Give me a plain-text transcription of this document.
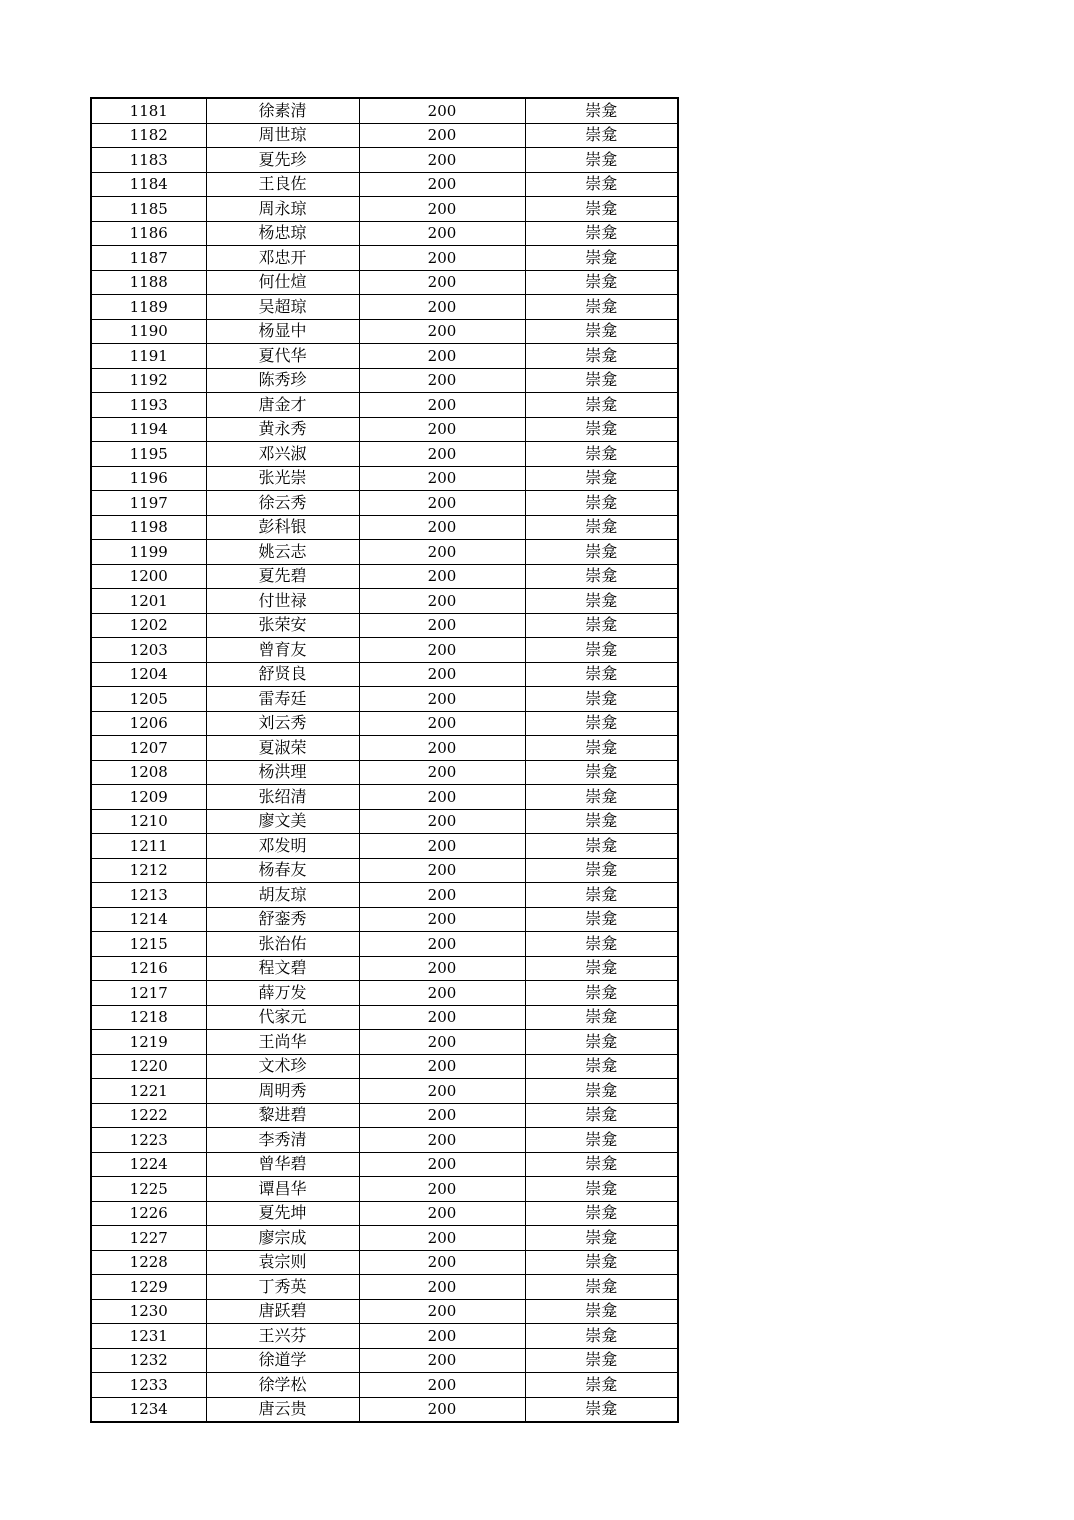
1181	徐素清	200	崇龛
1182	周世琼	200	崇龛
1183	夏先珍	200	崇龛
1184	王良佐	200	崇龛
1185	周永琼	200	崇龛
1186	杨忠琼	200	崇龛
1187	邓忠开	200	崇龛
1188	何仕煊	200	崇龛
1189	吴超琼	200	崇龛
1190	杨显中	200	崇龛
1191	夏代华	200	崇龛
1192	陈秀珍	200	崇龛
1193	唐金才	200	崇龛
1194	黄永秀	200	崇龛
1195	邓兴淑	200	崇龛
1196	张光崇	200	崇龛
1197	徐云秀	200	崇龛
1198	彭科银	200	崇龛
1199	姚云志	200	崇龛
1200	夏先碧	200	崇龛
1201	付世禄	200	崇龛
1202	张荣安	200	崇龛
1203	曾育友	200	崇龛
1204	舒贤良	200	崇龛
1205	雷寿廷	200	崇龛
1206	刘云秀	200	崇龛
1207	夏淑荣	200	崇龛
1208	杨洪理	200	崇龛
1209	张绍清	200	崇龛
1210	廖文美	200	崇龛
1211	邓发明	200	崇龛
1212	杨春友	200	崇龛
1213	胡友琼	200	崇龛
1214	舒銮秀	200	崇龛
1215	张治佑	200	崇龛
1216	程文碧	200	崇龛
1217	薛万发	200	崇龛
1218	代家元	200	崇龛
1219	王尚华	200	崇龛
1220	文术珍	200	崇龛
1221	周明秀	200	崇龛
1222	黎进碧	200	崇龛
1223	李秀清	200	崇龛
1224	曾华碧	200	崇龛
1225	谭昌华	200	崇龛
1226	夏先坤	200	崇龛
1227	廖宗成	200	崇龛
1228	袁宗则	200	崇龛
1229	丁秀英	200	崇龛
1230	唐跃碧	200	崇龛
1231	王兴芬	200	崇龛
1232	徐道学	200	崇龛
1233	徐学松	200	崇龛
1234	唐云贵	200	崇龛
